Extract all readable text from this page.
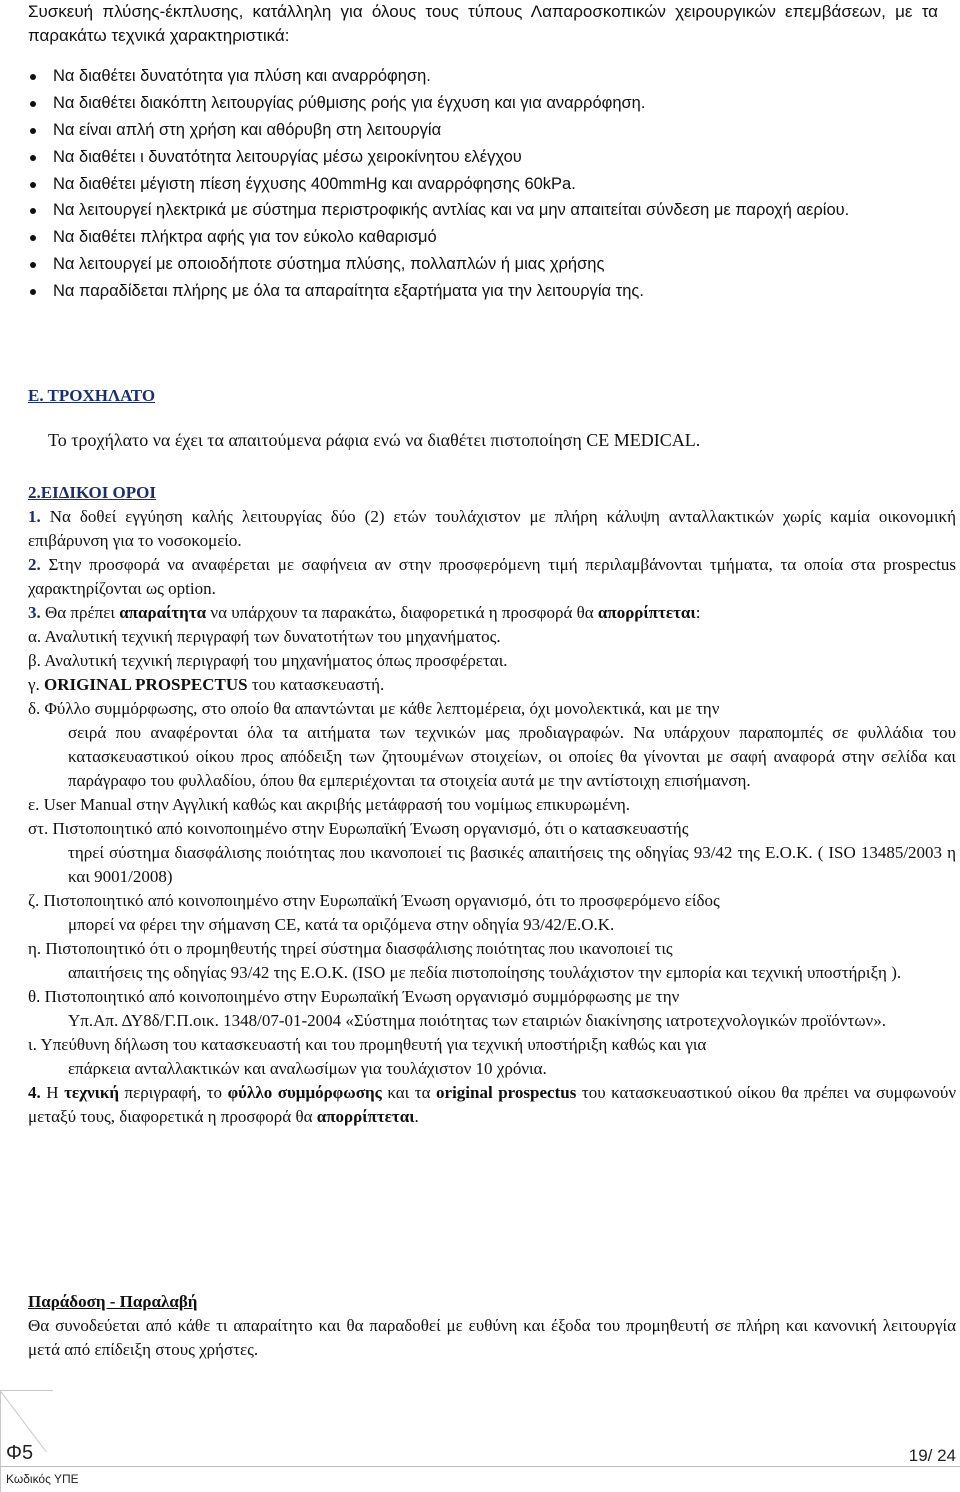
Συσκευή πλύσης-έκπλυσης, κατάλληλη για όλους τους τύπους Λαπαροσκοπικών χειρουργικών επεμβάσεων, με τα παρακάτω τεχνικά χαρακτηριστικά:
Να διαθέτει δυνατότητα για πλύση και αναρρόφηση.
Να διαθέτει διακόπτη λειτουργίας ρύθμισης ροής για έγχυση και για αναρρόφηση.
Να είναι απλή στη χρήση και αθόρυβη στη λειτουργία
Να διαθέτει ι δυνατότητα λειτουργίας μέσω χειροκίνητου ελέγχου
Να διαθέτει μέγιστη πίεση έγχυσης 400mmHg και αναρρόφησης 60kPa.
Να λειτουργεί ηλεκτρικά με σύστημα περιστροφικής αντλίας και να μην απαιτείται σύνδεση με παροχή αερίου.
Να διαθέτει πλήκτρα αφής για τον εύκολο καθαρισμό
Να λειτουργεί με οποιοδήποτε σύστημα πλύσης, πολλαπλών ή μιας χρήσης
Να παραδίδεται πλήρης με όλα τα απαραίτητα εξαρτήματα για την λειτουργία της.
Ε. ΤΡΟΧΗΛΑΤΟ
Το τροχήλατο να έχει τα απαιτούμενα ράφια ενώ να διαθέτει πιστοποίηση CE MEDICAL.
2.ΕΙΔΙΚΟΙ ΟΡΟΙ
1. Να δοθεί εγγύηση καλής λειτουργίας δύο (2) ετών τουλάχιστον με πλήρη κάλυψη ανταλλακτικών χωρίς καμία οικονομική επιβάρυνση για το νοσοκομείο.
2. Στην προσφορά να αναφέρεται με σαφήνεια αν στην προσφερόμενη τιμή περιλαμβάνονται τμήματα, τα οποία στα prospectus χαρακτηρίζονται ως option.
3. Θα πρέπει απαραίτητα να υπάρχουν τα παρακάτω, διαφορετικά η προσφορά θα απορρίπτεται:
α. Αναλυτική τεχνική περιγραφή των δυνατοτήτων του μηχανήματος.
β. Αναλυτική τεχνική περιγραφή του μηχανήματος όπως προσφέρεται.
γ. ORIGINAL PROSPECTUS του κατασκευαστή.
δ. Φύλλο συμμόρφωσης, στο οποίο θα απαντώνται με κάθε λεπτομέρεια, όχι μονολεκτικά, και με την
σειρά που αναφέρονται όλα τα αιτήματα των τεχνικών μας προδιαγραφών. Να υπάρχουν παραπομπές σε φυλλάδια του κατασκευαστικού οίκου προς απόδειξη των ζητουμένων στοιχείων, οι οποίες θα γίνονται με σαφή αναφορά στην σελίδα και παράγραφο του φυλλαδίου, όπου θα εμπεριέχονται τα στοιχεία αυτά με την αντίστοιχη επισήμανση.
ε. User Manual στην Αγγλική καθώς και ακριβής μετάφρασή του νομίμως επικυρωμένη.
στ. Πιστοποιητικό από κοινοποιημένο στην Ευρωπαϊκή Ένωση οργανισμό, ότι ο κατασκευαστής
τηρεί σύστημα διασφάλισης ποιότητας που ικανοποιεί τις βασικές απαιτήσεις της οδηγίας 93/42 της Ε.Ο.Κ. ( ISO 13485/2003 η και 9001/2008)
ζ. Πιστοποιητικό από κοινοποιημένο στην Ευρωπαϊκή Ένωση οργανισμό, ότι το προσφερόμενο είδος
μπορεί να φέρει την σήμανση CE, κατά τα οριζόμενα στην οδηγία 93/42/Ε.Ο.Κ.
η. Πιστοποιητικό ότι ο προμηθευτής τηρεί σύστημα διασφάλισης ποιότητας που ικανοποιεί τις
απαιτήσεις της οδηγίας 93/42 της Ε.Ο.Κ. (ISO με πεδία πιστοποίησης τουλάχιστον την εμπορία και τεχνική υποστήριξη ).
θ. Πιστοποιητικό από κοινοποιημένο στην Ευρωπαϊκή Ένωση οργανισμό συμμόρφωσης με την
Υπ.Απ. ΔΥ8δ/Γ.Π.οικ. 1348/07-01-2004 «Σύστημα ποιότητας των εταιριών διακίνησης ιατροτεχνολογικών προϊόντων».
ι. Υπεύθυνη δήλωση του κατασκευαστή και του προμηθευτή για τεχνική υποστήριξη καθώς και για
επάρκεια ανταλλακτικών και αναλωσίμων για τουλάχιστον 10 χρόνια.
4. Η τεχνική περιγραφή, το φύλλο συμμόρφωσης και τα original prospectus του κατασκευαστικού οίκου θα πρέπει να συμφωνούν μεταξύ τους, διαφορετικά η προσφορά θα απορρίπτεται.
Παράδοση - Παραλαβή
Θα συνοδεύεται από κάθε τι απαραίτητο και θα παραδοθεί με ευθύνη και έξοδα του προμηθευτή σε πλήρη και κανονική λειτουργία μετά από επίδειξη στους χρήστες.
Φ5
Κωδικός ΥΠΕ
19/ 24
